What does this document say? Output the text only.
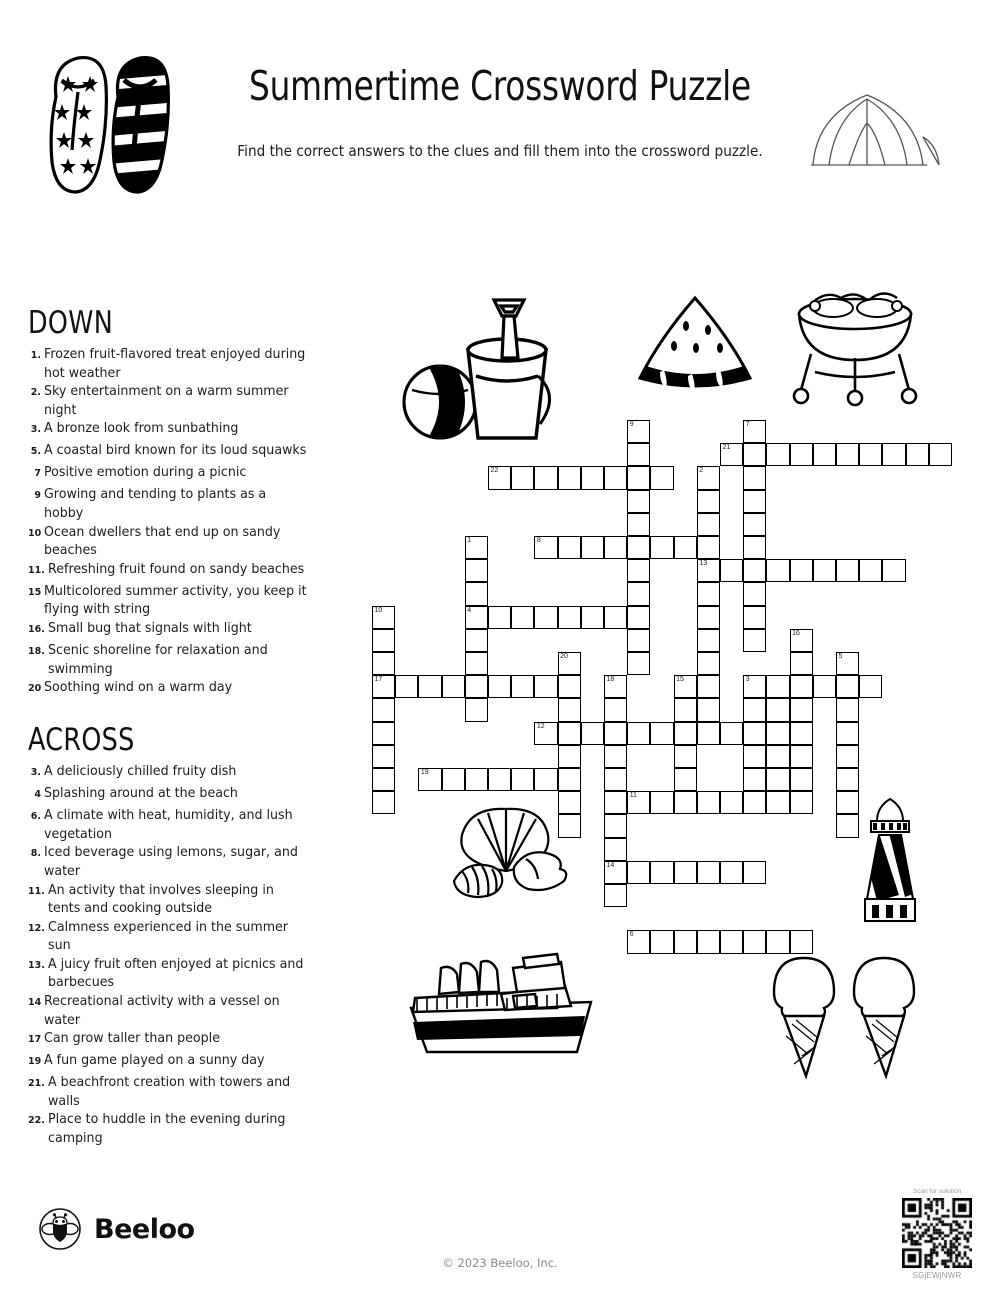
Summertime Crossword Puzzle
Find the correct answers to the clues and fill them into the crossword puzzle.
DOWN
1. Frozen fruit-flavored treat enjoyed during hot weather
2. Sky entertainment on a warm summer night
3. A bronze look from sunbathing
5. A coastal bird known for its loud squawks
7 Positive emotion during a picnic
9 Growing and tending to plants as a hobby
10 Ocean dwellers that end up on sandy beaches
11. Refreshing fruit found on sandy beaches
15 Multicolored summer activity, you keep it flying with string
16. Small bug that signals with light
18. Scenic shoreline for relaxation and swimming
20 Soothing wind on a warm day
ACROSS
3. A deliciously chilled fruity dish
4 Splashing around at the beach
6. A climate with heat, humidity, and lush vegetation
8. Iced beverage using lemons, sugar, and water
11. An activity that involves sleeping in tents and cooking outside
12. Calmness experienced in the summer sun
13. A juicy fruit often enjoyed at picnics and barbecues
14 Recreational activity with a vessel on water
17 Can grow taller than people
19 A fun game played on a sunny day
21. A beachfront creation with towers and walls
22. Place to huddle in the evening during camping
9	7
21
22	2
13
1
4
8
10
17
16
20	5
18
14
15	3
12
19
11
6
Beeloo
© 2023 Beeloo, Inc.
Scan for solution
SGjEWjNWR
